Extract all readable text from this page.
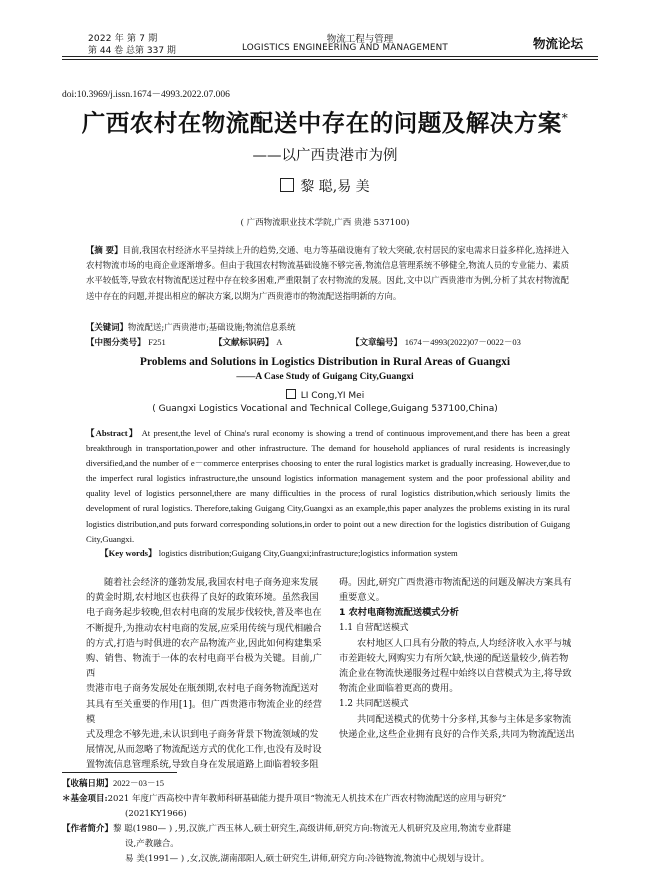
2022 年 第 7 期
第 44 卷 总第 337 期
物流工程与管理
LOGISTICS ENGINEERING AND MANAGEMENT	物流论坛
doi:10.3969/j.issn.1674－4993.2022.07.006
广西农村在物流配送中存在的问题及解决方案*
——以广西贵港市为例
黎 聪,易 美
( 广西物流职业技术学院,广西 贵港 537100)
【摘 要】目前,我国农村经济水平呈持续上升的趋势,交通、电力等基础设施有了较大突破,农村居民的家电需求日益多样化,选择进入农村物流市场的电商企业逐渐增多。但由于我国农村物流基础设施不够完善,物流信息管理系统不够健全,物流人员的专业能力、素质水平较低等,导致农村物流配送过程中存在较多困难,严重限制了农村物流的发展。因此,文中以广西贵港市为例,分析了其农村物流配送中存在的问题,并提出相应的解决方案,以期为广西贵港市的物流配送指明新的方向。
【关键词】物流配送;广西贵港市;基础设施;物流信息系统
【中图分类号】 F251	【文献标识码】 A	【文章编号】 1674－4993(2022)07－0022－03
Problems and Solutions in Logistics Distribution in Rural Areas of Guangxi
——A Case Study of Guigang City,Guangxi
LI Cong,YI Mei
( Guangxi Logistics Vocational and Technical College,Guigang 537100,China)
【Abstract】 At present,the level of China's rural economy is showing a trend of continuous improvement,and there has been a great breakthrough in transportation,power and other infrastructure. The demand for household appliances of rural residents is increasingly diversified,and the number of e－commerce enterprises choosing to enter the rural logistics market is gradually increasing. However,due to the imperfect rural logistics infrastructure,the unsound logistics information management system and the poor professional ability and quality level of logistics personnel,there are many difficulties in the process of rural logistics distribution,which seriously limits the development of rural logistics. Therefore,taking Guigang City,Guangxi as an example,this paper analyzes the problems existing in its rural logistics distribution,and puts forward corresponding solutions,in order to point out a new direction for the logistics distribution of Guigang City,Guangxi.
【Key words】 logistics distribution;Guigang City,Guangxi;infrastructure;logistics information system
随着社会经济的蓬勃发展,我国农村电子商务迎来发展
的黄金时期,农村地区也获得了良好的政策环境。虽然我国
电子商务起步较晚,但农村电商的发展步伐较快,普及率也在
不断提升,为推动农村电商的发展,应采用传统与现代相融合
的方式,打造与时俱进的农产品物流产业,因此如何构建集采
购、销售、物流于一体的农村电商平台极为关键。目前,广西
贵港市电子商务发展处在瓶颈期,农村电子商务物流配送对
其具有至关重要的作用[1]。但广西贵港市物流企业的经营模
式及理念不够先进,未认识到电子商务背景下物流领域的发
展情况,从而忽略了物流配送方式的优化工作,也没有及时设
置物流信息管理系统,导致自身在发展道路上面临着较多阻
碍。因此,研究广西贵港市物流配送的问题及解决方案具有
重要意义。
1 农村电商物流配送模式分析
1.1 自营配送模式
农村地区人口具有分散的特点,人均经济收入水平与城
市差距较大,网购实力有所欠缺,快递的配送量较少,倘若物
流企业在物流快递服务过程中始终以自营模式为主,将导致
物流企业面临着更高的费用。
1.2 共同配送模式
共同配送模式的优势十分多样,其参与主体是多家物流
快递企业,这些企业拥有良好的合作关系,共同为物流配送出
【收稿日期】2022－03－15
＊基金项目:2021 年度广西高校中青年教师科研基础能力提升项目“物流无人机技术在广西农村物流配送的应用与研究”
(2021KY1966)
【作者简介】黎 聪(1980— ) ,男,汉族,广西玉林人,硕士研究生,高级讲师,研究方向:物流无人机研究及应用,物流专业群建
设,产教融合。
易 美(1991— ) ,女,汉族,湖南邵阳人,硕士研究生,讲师,研究方向:冷链物流,物流中心规划与设计。
